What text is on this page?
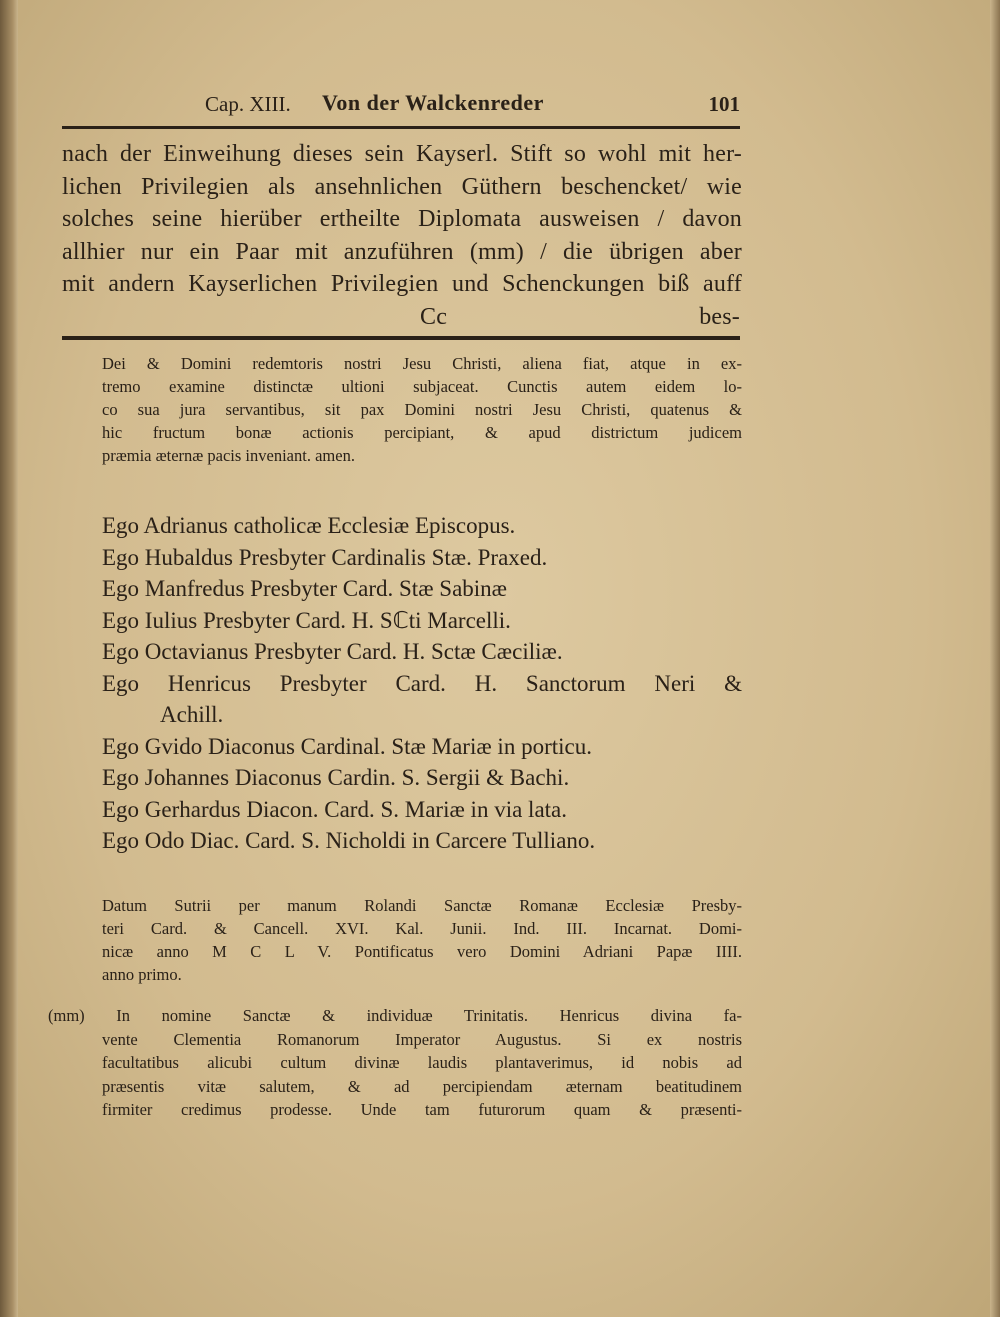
Cap. XIII. Von der Walckenreder	101
nach der Einweihung dieses sein Kayserl. Stift so wohl mit her-
lichen Privilegien als ansehnlichen Güthern beschencket/ wie
solches seine hierüber ertheilte Diplomata ausweisen / davon
allhier nur ein Paar mit anzuführen (mm) / die übrigen aber
mit andern Kayserlichen Privilegien und Schenckungen biß auff
Cc	bes-
Dei & Domini redemtoris nostri Jesu Christi, aliena fiat, atque in ex-
tremo examine distinctæ ultioni subjaceat. Cunctis autem eidem lo-
co sua jura servantibus, sit pax Domini nostri Jesu Christi, quatenus &
hic fructum bonæ actionis percipiant, & apud districtum judicem
præmia æternæ pacis inveniant. amen.
Ego Adrianus catholicæ Ecclesiæ Episcopus.
Ego Hubaldus Presbyter Cardinalis Stæ. Praxed.
Ego Manfredus Presbyter Card. Stæ Sabinæ
Ego Iulius Presbyter Card. H. Sℂti Marcelli.
Ego Octavianus Presbyter Card. H. Sctæ Cæciliæ.
Ego Henricus Presbyter Card. H. Sanctorum Neri &
Achill.
Ego Gvido Diaconus Cardinal. Stæ Mariæ in porticu.
Ego Johannes Diaconus Cardin. S. Sergii & Bachi.
Ego Gerhardus Diacon. Card. S. Mariæ in via lata.
Ego Odo Diac. Card. S. Nicholdi in Carcere Tulliano.
Datum Sutrii per manum Rolandi Sanctæ Romanæ Ecclesiæ Presby-
teri Card. & Cancell. XVI. Kal. Junii. Ind. III. Incarnat. Domi-
nicæ anno M C L V. Pontificatus vero Domini Adriani Papæ IIII.
anno primo.
(mm) In nomine Sanctæ & individuæ Trinitatis. Henricus divina fa-
vente Clementia Romanorum Imperator Augustus. Si ex nostris
facultatibus alicubi cultum divinæ laudis plantaverimus, id nobis ad
præsentis vitæ salutem, & ad percipiendam æternam beatitudinem
firmiter credimus prodesse. Unde tam futurorum quam & præsenti-
